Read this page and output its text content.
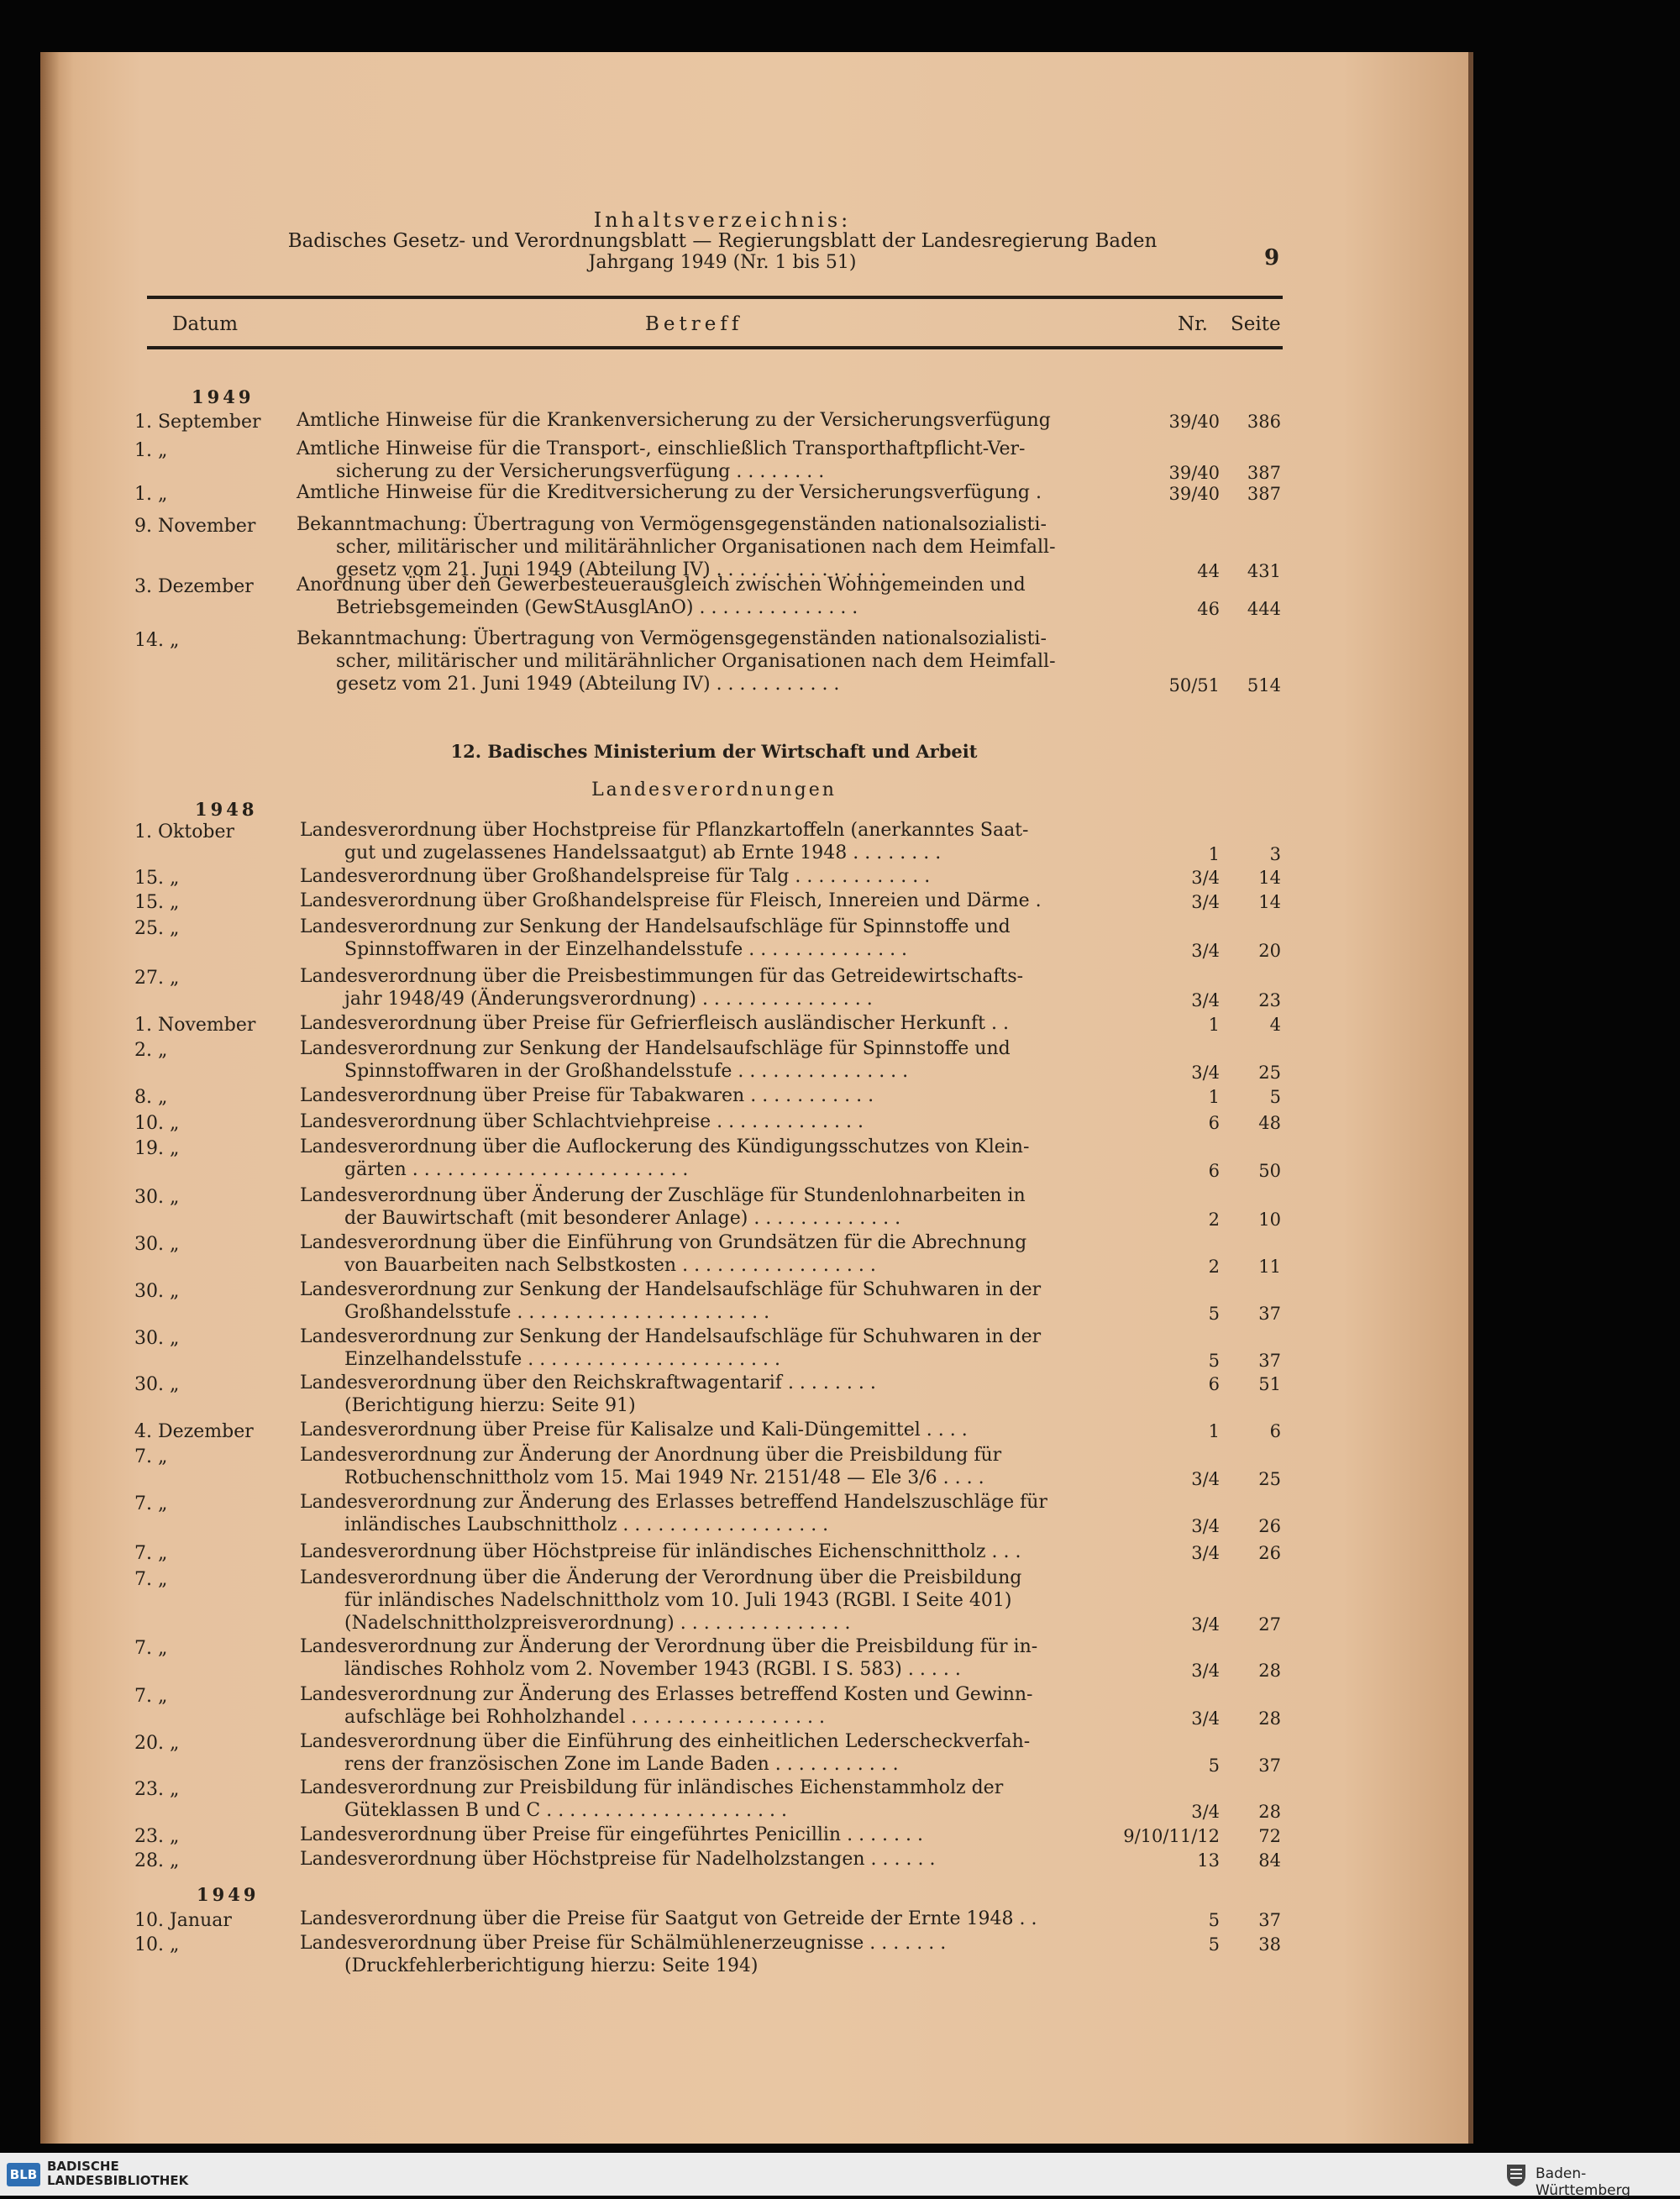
Inhaltsverzeichnis:
Badisches Gesetz- und Verordnungsblatt — Regierungsblatt der Landesregierung Baden
Jahrgang 1949 (Nr. 1 bis 51)	9
Datum	Betreff	Nr. Seite
1949
1948
1949
12. Badisches Ministerium der Wirtschaft und Arbeit
Landesverordnungen
1. September	Amtliche Hinweise für die Krankenversicherung zu der Versicherungsverfügung	39/40 386
1. „	Amtliche Hinweise für die Transport-, einschließlich Transporthaftpflicht-Ver-
sicherung zu der Versicherungsverfügung . . . . . . . .	39/40 387
1. „	Amtliche Hinweise für die Kreditversicherung zu der Versicherungsverfügung .	39/40 387
9. November	Bekanntmachung: Übertragung von Vermögensgegenständen nationalsozialisti-
scher, militärischer und militärähnlicher Organisationen nach dem Heimfall-
gesetz vom 21. Juni 1949 (Abteilung IV) . . . . . . . . . . . . . . .	44 431
3. Dezember	Anordnung über den Gewerbesteuerausgleich zwischen Wohngemeinden und
Betriebsgemeinden (GewStAusglAnO) . . . . . . . . . . . . . .	46 444
14. „	Bekanntmachung: Übertragung von Vermögensgegenständen nationalsozialisti-
scher, militärischer und militärähnlicher Organisationen nach dem Heimfall-
gesetz vom 21. Juni 1949 (Abteilung IV) . . . . . . . . . . .	50/51 514
1. Oktober	Landesverordnung über Hochstpreise für Pflanzkartoffeln (anerkanntes Saat-
gut und zugelassenes Handelssaatgut) ab Ernte 1948 . . . . . . . .	1	3
15. „	Landesverordnung über Großhandelspreise für Talg . . . . . . . . . . . .	3/4 14
15. „	Landesverordnung über Großhandelspreise für Fleisch, Innereien und Därme .	3/4 14
25. „	Landesverordnung zur Senkung der Handelsaufschläge für Spinnstoffe und
Spinnstoffwaren in der Einzelhandelsstufe . . . . . . . . . . . . . .	3/4 20
27. „	Landesverordnung über die Preisbestimmungen für das Getreidewirtschafts-
jahr 1948/49 (Änderungsverordnung) . . . . . . . . . . . . . . .	3/4 23
1. November	Landesverordnung über Preise für Gefrierfleisch ausländischer Herkunft . .	1	4
2. „	Landesverordnung zur Senkung der Handelsaufschläge für Spinnstoffe und
Spinnstoffwaren in der Großhandelsstufe . . . . . . . . . . . . . . .	3/4 25
8. „	Landesverordnung über Preise für Tabakwaren . . . . . . . . . . .	1	5
10. „	Landesverordnung über Schlachtviehpreise . . . . . . . . . . . . .	6 48
19. „	Landesverordnung über die Auflockerung des Kündigungsschutzes von Klein-
gärten . . . . . . . . . . . . . . . . . . . . . . . .	6 50
30. „	Landesverordnung über Änderung der Zuschläge für Stundenlohnarbeiten in
der Bauwirtschaft (mit besonderer Anlage) . . . . . . . . . . . . .	2 10
30. „	Landesverordnung über die Einführung von Grundsätzen für die Abrechnung
von Bauarbeiten nach Selbstkosten . . . . . . . . . . . . . . . . .	2 11
30. „	Landesverordnung zur Senkung der Handelsaufschläge für Schuhwaren in der
Großhandelsstufe . . . . . . . . . . . . . . . . . . . . . .	5 37
30. „	Landesverordnung zur Senkung der Handelsaufschläge für Schuhwaren in der
Einzelhandelsstufe . . . . . . . . . . . . . . . . . . . . . .	5 37
30. „	Landesverordnung über den Reichskraftwagentarif . . . . . . . .
(Berichtigung hierzu: Seite 91)
6 51
4. Dezember	Landesverordnung über Preise für Kalisalze und Kali-Düngemittel . . . .	1	6
7. „	Landesverordnung zur Änderung der Anordnung über die Preisbildung für
Rotbuchenschnittholz vom 15. Mai 1949 Nr. 2151/48 — Ele 3/6 . . . .	3/4 25
7. „	Landesverordnung zur Änderung des Erlasses betreffend Handelszuschläge für
inländisches Laubschnittholz . . . . . . . . . . . . . . . . . .	3/4 26
7. „	Landesverordnung über Höchstpreise für inländisches Eichenschnittholz . . .	3/4 26
7. „	Landesverordnung über die Änderung der Verordnung über die Preisbildung
für inländisches Nadelschnittholz vom 10. Juli 1943 (RGBl. I Seite 401)
(Nadelschnittholzpreisverordnung) . . . . . . . . . . . . . . .	3/4 27
7. „	Landesverordnung zur Änderung der Verordnung über die Preisbildung für in-
ländisches Rohholz vom 2. November 1943 (RGBl. I S. 583) . . . . .	3/4 28
7. „	Landesverordnung zur Änderung des Erlasses betreffend Kosten und Gewinn-
aufschläge bei Rohholzhandel . . . . . . . . . . . . . . . . .	3/4 28
20. „	Landesverordnung über die Einführung des einheitlichen Lederscheckverfah-
rens der französischen Zone im Lande Baden . . . . . . . . . . .	5 37
23. „	Landesverordnung zur Preisbildung für inländisches Eichenstammholz der
Güteklassen B und C . . . . . . . . . . . . . . . . . . . . .	3/4 28
23. „	Landesverordnung über Preise für eingeführtes Penicillin . . . . . . .	9/10/11/12 72
28. „	Landesverordnung über Höchstpreise für Nadelholzstangen . . . . . .	13 84
10. Januar	Landesverordnung über die Preise für Saatgut von Getreide der Ernte 1948 . .	5 37
10. „	Landesverordnung über Preise für Schälmühlenerzeugnisse . . . . . . .
(Druckfehlerberichtigung hierzu: Seite 194)
5 38
BLB
BADISCHE
LANDESBIBLIOTHEK	Baden-Württemberg
